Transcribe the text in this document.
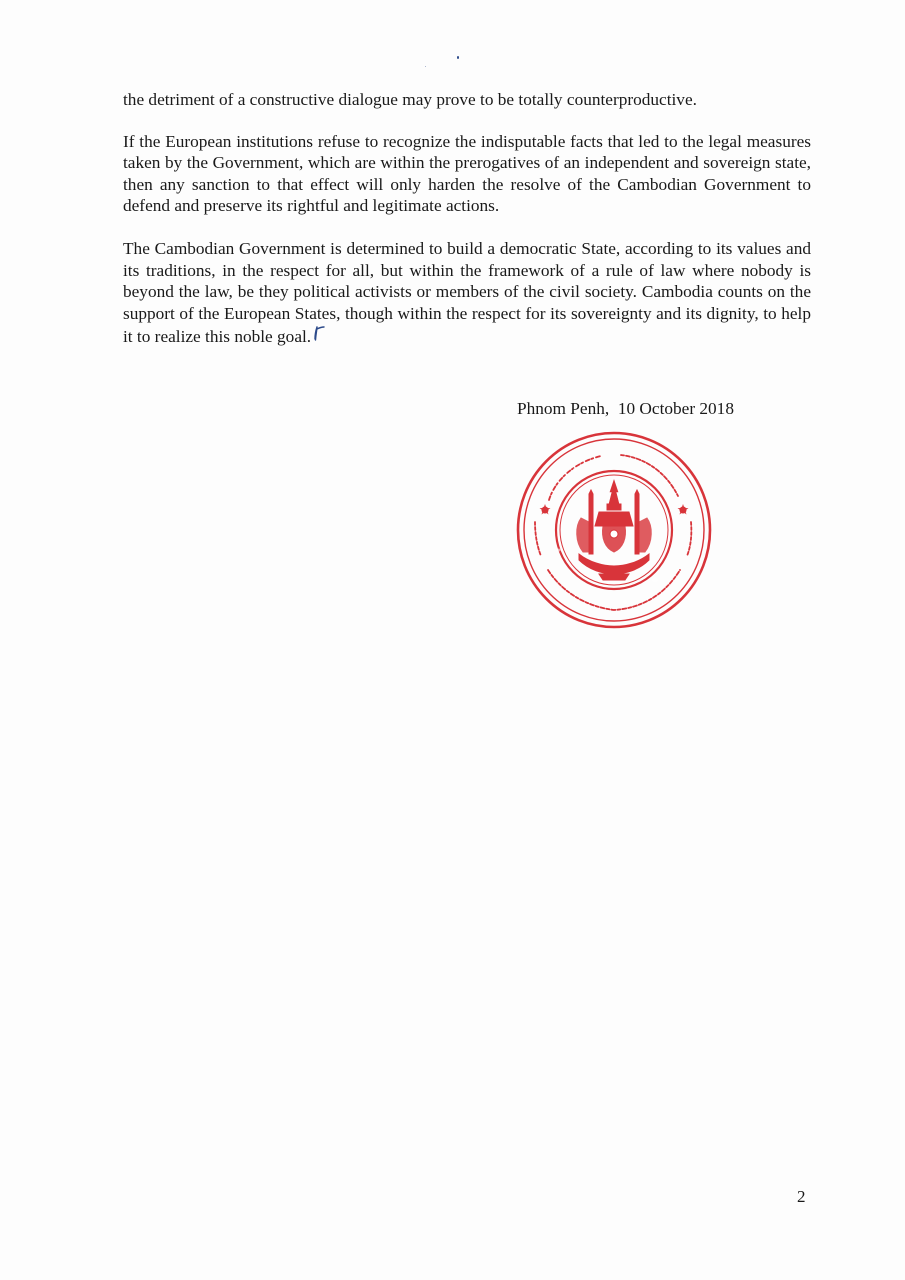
the detriment of a constructive dialogue may prove to be totally counterproductive.

If the European institutions refuse to recognize the indisputable facts that led to the legal measures taken by the Government, which are within the prerogatives of an independent and sovereign state, then any sanction to that effect will only harden the resolve of the Cambodian Government to defend and preserve its rightful and legitimate actions.

The Cambodian Government is determined to build a democratic State, according to its values and its traditions, in the respect for all, but within the framework of a rule of law where nobody is beyond the law, be they political activists or members of the civil society. Cambodia counts on the support of the European States, though within the respect for its sovereignty and its dignity, to help it to realize this noble goal.

Phnom Penh,  10 October 2018
2
